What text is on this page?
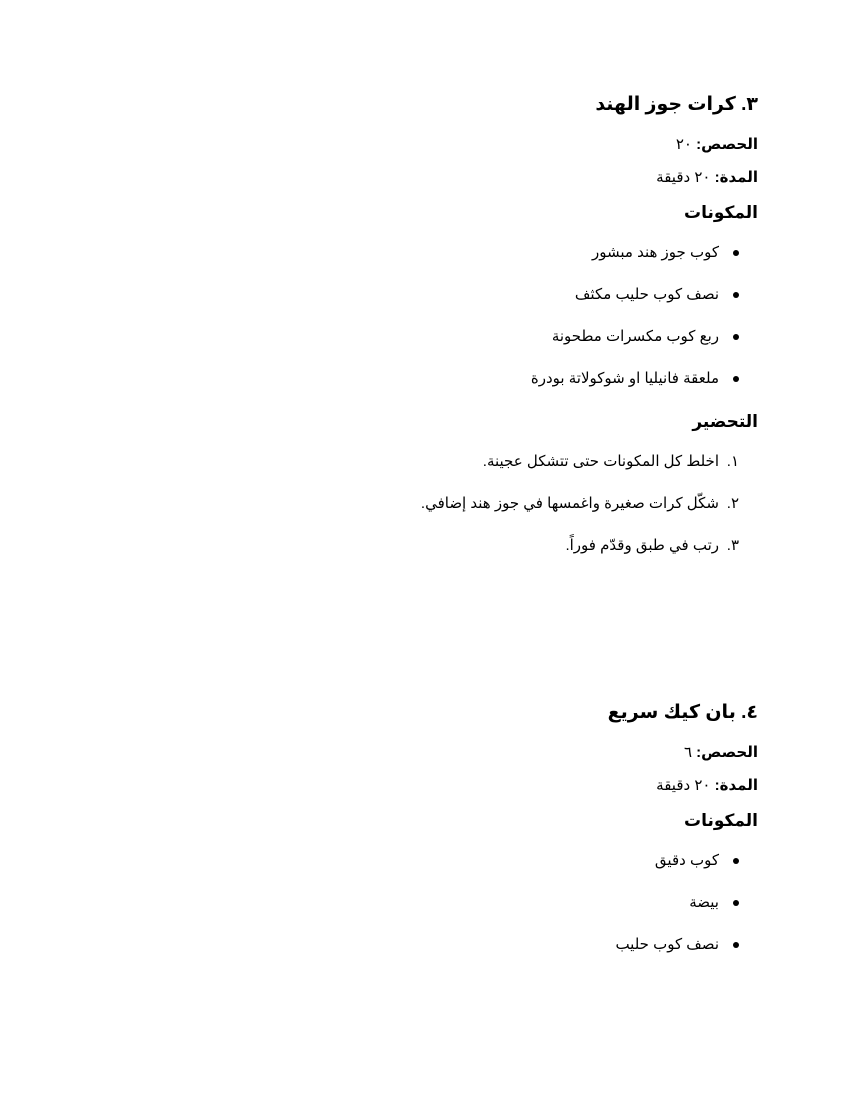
٣. كرات جوز الهند
الحصص: ٢٠
المدة: ٢٠ دقيقة
المكونات
كوب جوز هند مبشور
نصف كوب حليب مكثف
ربع كوب مكسرات مطحونة
ملعقة فانيليا او شوكولاتة بودرة
التحضير
١.
اخلط كل المكونات حتى تتشكل عجينة.
٢.
شكّل كرات صغيرة واغمسها في جوز هند إضافي.
٣.
رتب في طبق وقدّم فوراً.
٤. بان كيك سريع
الحصص: ٦
المدة: ٢٠ دقيقة
المكونات
كوب دقيق
بيضة
نصف كوب حليب
